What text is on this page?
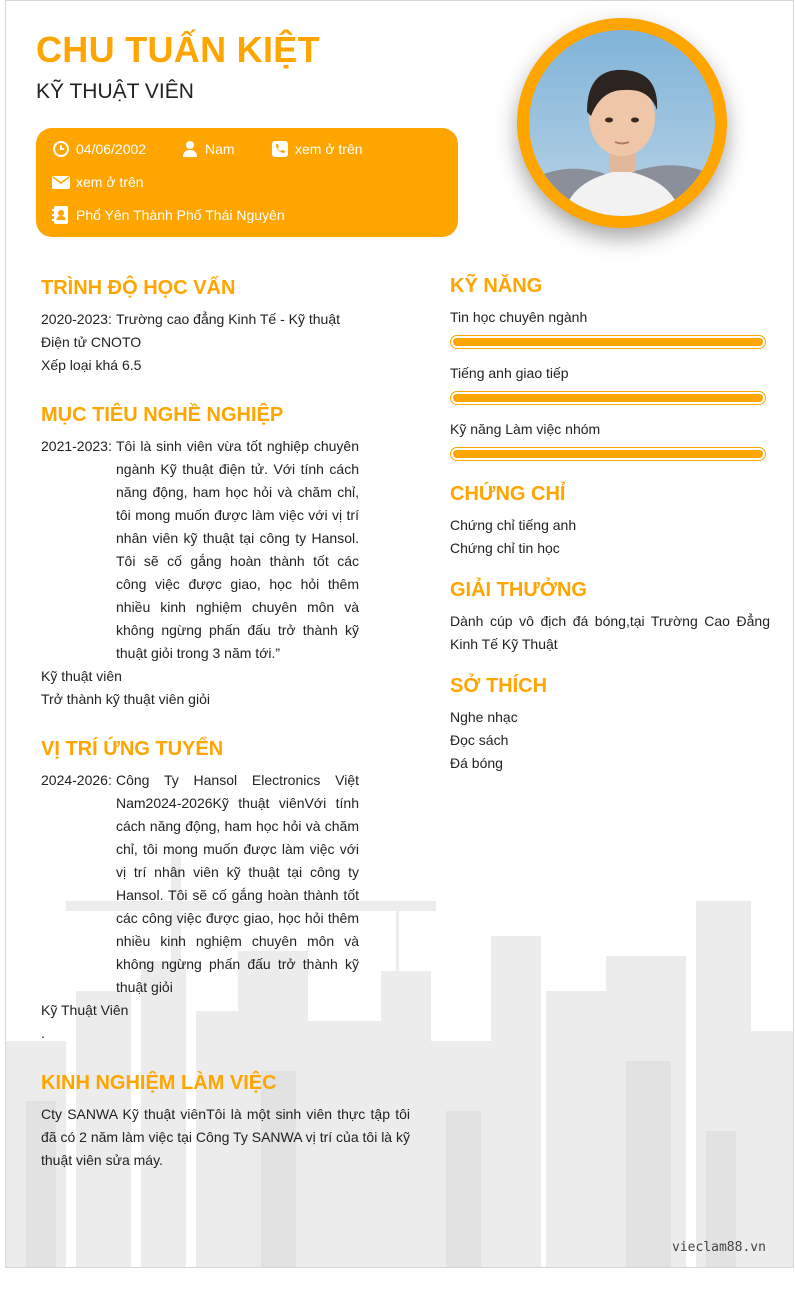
CHU TUẤN KIỆT
KỸ THUẬT VIÊN
04/06/2002	Nam	xem ở trên
xem ở trên
Phổ Yên Thành Phố Thái Nguyên
TRÌNH ĐỘ HỌC VẤN
2020-2023: Trường cao đẳng Kinh Tế - Kỹ thuật
Điện tử CNOTO
Xếp loại khá 6.5
MỤC TIÊU NGHỀ NGHIỆP
2021-2023: Tôi là sinh viên vừa tốt nghiệp chuyên ngành Kỹ thuật điện tử. Với tính cách năng động, ham học hỏi và chăm chỉ, tôi mong muốn được làm việc với vị trí nhân viên kỹ thuật tại công ty Hansol. Tôi sẽ cố gắng hoàn thành tốt các công việc được giao, học hỏi thêm nhiều kinh nghiệm chuyên môn và không ngừng phấn đấu trở thành kỹ thuật giỏi trong 3 năm tới.”
Kỹ thuật viên
Trở thành kỹ thuật viên giỏi
VỊ TRÍ ỨNG TUYỂN
2024-2026: Công Ty Hansol Electronics Việt Nam2024-2026Kỹ thuật viênVới tính cách năng động, ham học hỏi và chăm chỉ, tôi mong muốn được làm việc với vị trí nhân viên kỹ thuật tại công ty Hansol. Tôi sẽ cố gắng hoàn thành tốt các công việc được giao, học hỏi thêm nhiều kinh nghiệm chuyên môn và không ngừng phấn đấu trở thành kỹ thuật giỏi
Kỹ Thuật Viên
.
KINH NGHIỆM LÀM VIỆC
Cty SANWA Kỹ thuật viênTôi là một sinh viên thực tập tôi đã có 2 năm làm việc tại Công Ty SANWA vị trí của tôi là kỹ thuật viên sửa máy.
KỸ NĂNG
Tin học chuyên ngành
Tiếng anh giao tiếp
Kỹ năng Làm việc nhóm
CHỨNG CHỈ
Chứng chỉ tiếng anh
Chứng chỉ tin học
GIẢI THƯỞNG
Dành cúp vô địch đá bóng,tại Trường Cao Đẳng Kinh Tế Kỹ Thuật
SỞ THÍCH
Nghe nhạc
Đọc sách
Đá bóng
vieclam88.vn
